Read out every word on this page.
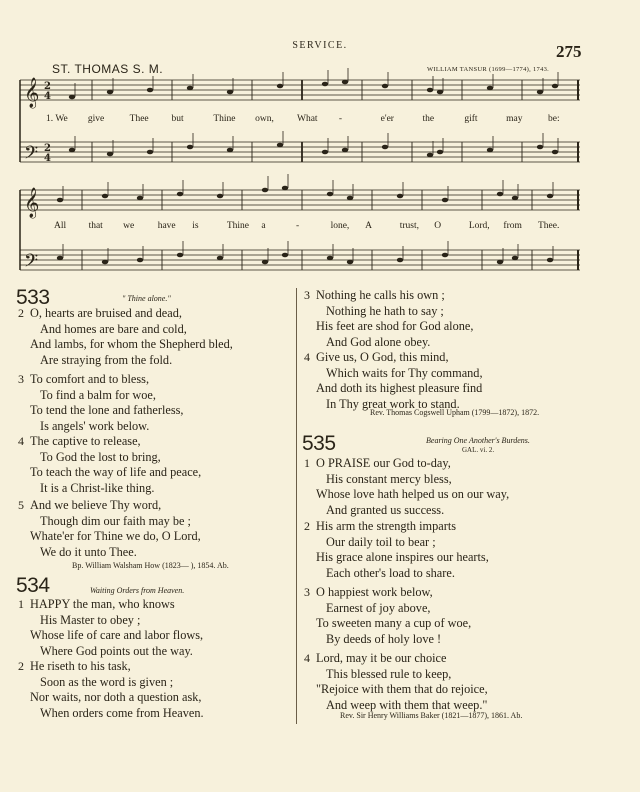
SERVICE.	275
ST. THOMAS S. M.	WILLIAM TANSUR (1699—1774), 1743.
𝄞
𝄢
𝄞
𝄢
2
4
2
4
1. We give	Thee but	Thine own, What -	e'er	the	gift	may	be:
All that we have is	Thine a	-	lone, A	trust, O	Lord, from Thee.
533	" Thine alone."
2 O, hearts are bruised and dead,
And homes are bare and cold,
And lambs, for whom the Shepherd bled,
Are straying from the fold.
3 To comfort and to bless,
To find a balm for woe,
To tend the lone and fatherless,
Is angels' work below.
4 The captive to release,
To God the lost to bring,
To teach the way of life and peace,
It is a Christ-like thing.
5 And we believe Thy word,
Though dim our faith may be ;
Whate'er for Thine we do, O Lord,
We do it unto Thee.
Bp. William Walsham How (1823— ), 1854. Ab.
534	Waiting Orders from Heaven.
1 HAPPY the man, who knows
His Master to obey ;
Whose life of care and labor flows,
Where God points out the way.
2 He riseth to his task,
Soon as the word is given ;
Nor waits, nor doth a question ask,
When orders come from Heaven.
3 Nothing he calls his own ;
Nothing he hath to say ;
His feet are shod for God alone,
And God alone obey.
4 Give us, O God, this mind,
Which waits for Thy command,
And doth its highest pleasure find
In Thy great work to stand.
Rev. Thomas Cogswell Upham (1799—1872), 1872.
535	Bearing One Another's Burdens.
GAL. vi. 2.
1 O PRAISE our God to-day,
His constant mercy bless,
Whose love hath helped us on our way,
And granted us success.
2 His arm the strength imparts
Our daily toil to bear ;
His grace alone inspires our hearts,
Each other's load to share.
3 O happiest work below,
Earnest of joy above,
To sweeten many a cup of woe,
By deeds of holy love !
4 Lord, may it be our choice
This blessed rule to keep,
"Rejoice with them that do rejoice,
And weep with them that weep."
Rev. Sir Henry Williams Baker (1821—1877), 1861. Ab.
